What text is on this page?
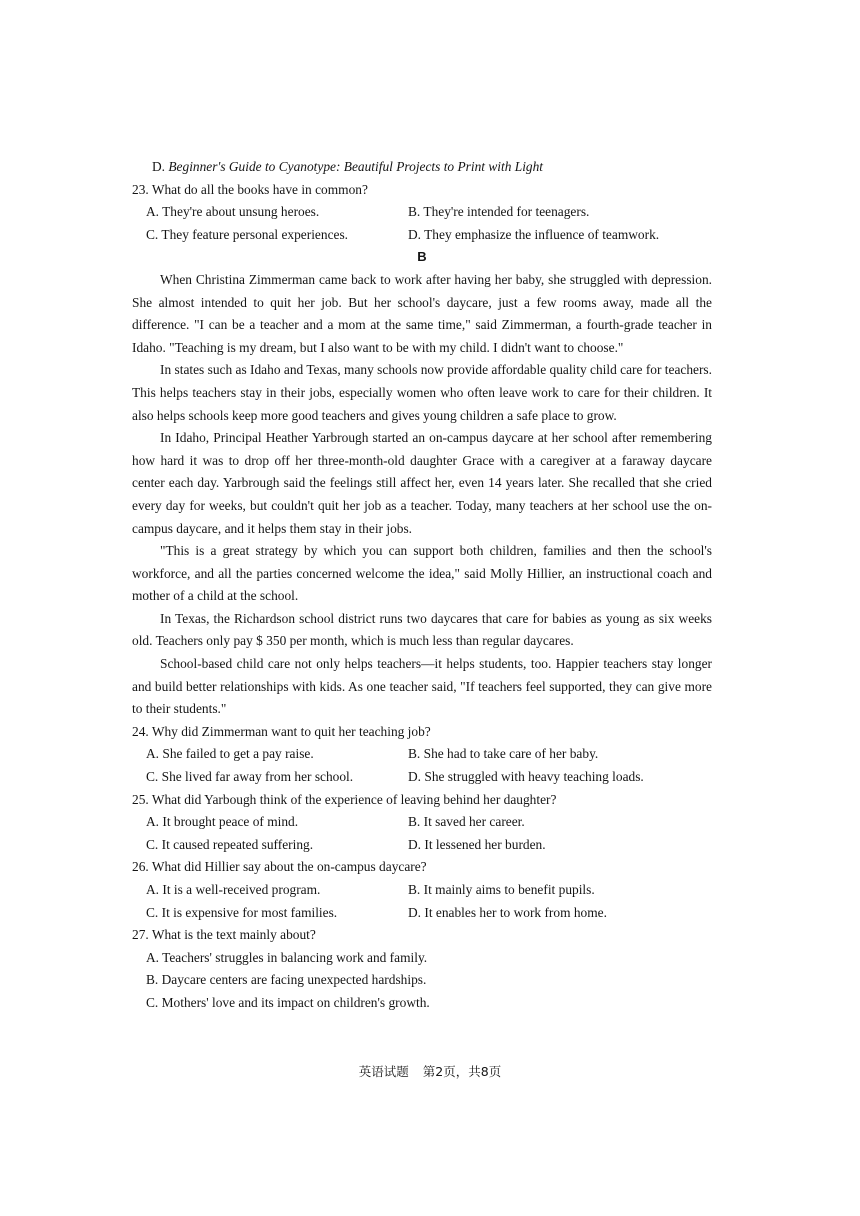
D. Beginner's Guide to Cyanotype: Beautiful Projects to Print with Light
23. What do all the books have in common?
A. They're about unsung heroes.	B. They're intended for teenagers.
C. They feature personal experiences.	D. They emphasize the influence of teamwork.
B

When Christina Zimmerman came back to work after having her baby, she struggled with depression. She almost intended to quit her job. But her school's daycare, just a few rooms away, made all the difference. "I can be a teacher and a mom at the same time," said Zimmerman, a fourth-grade teacher in Idaho. "Teaching is my dream, but I also want to be with my child. I didn't want to choose."

In states such as Idaho and Texas, many schools now provide affordable quality child care for teachers. This helps teachers stay in their jobs, especially women who often leave work to care for their children. It also helps schools keep more good teachers and gives young children a safe place to grow.

In Idaho, Principal Heather Yarbrough started an on-campus daycare at her school after remembering how hard it was to drop off her three-month-old daughter Grace with a caregiver at a faraway daycare center each day. Yarbrough said the feelings still affect her, even 14 years later. She recalled that she cried every day for weeks, but couldn't quit her job as a teacher. Today, many teachers at her school use the on-campus daycare, and it helps them stay in their jobs.

"This is a great strategy by which you can support both children, families and then the school's workforce, and all the parties concerned welcome the idea," said Molly Hillier, an instructional coach and mother of a child at the school.

In Texas, the Richardson school district runs two daycares that care for babies as young as six weeks old. Teachers only pay $ 350 per month, which is much less than regular daycares.

School-based child care not only helps teachers—it helps students, too. Happier teachers stay longer and build better relationships with kids. As one teacher said, "If teachers feel supported, they can give more to their students."

24. Why did Zimmerman want to quit her teaching job?
A. She failed to get a pay raise.	B. She had to take care of her baby.
C. She lived far away from her school.	D. She struggled with heavy teaching loads.
25. What did Yarbough think of the experience of leaving behind her daughter?
A. It brought peace of mind.	B. It saved her career.
C. It caused repeated suffering.	D. It lessened her burden.
26. What did Hillier say about the on-campus daycare?
A. It is a well-received program.	B. It mainly aims to benefit pupils.
C. It is expensive for most families.	D. It enables her to work from home.
27. What is the text mainly about?
A. Teachers' struggles in balancing work and family.
B. Daycare centers are facing unexpected hardships.
C. Mothers' love and its impact on children's growth.
英语试题 第2页，共8页
